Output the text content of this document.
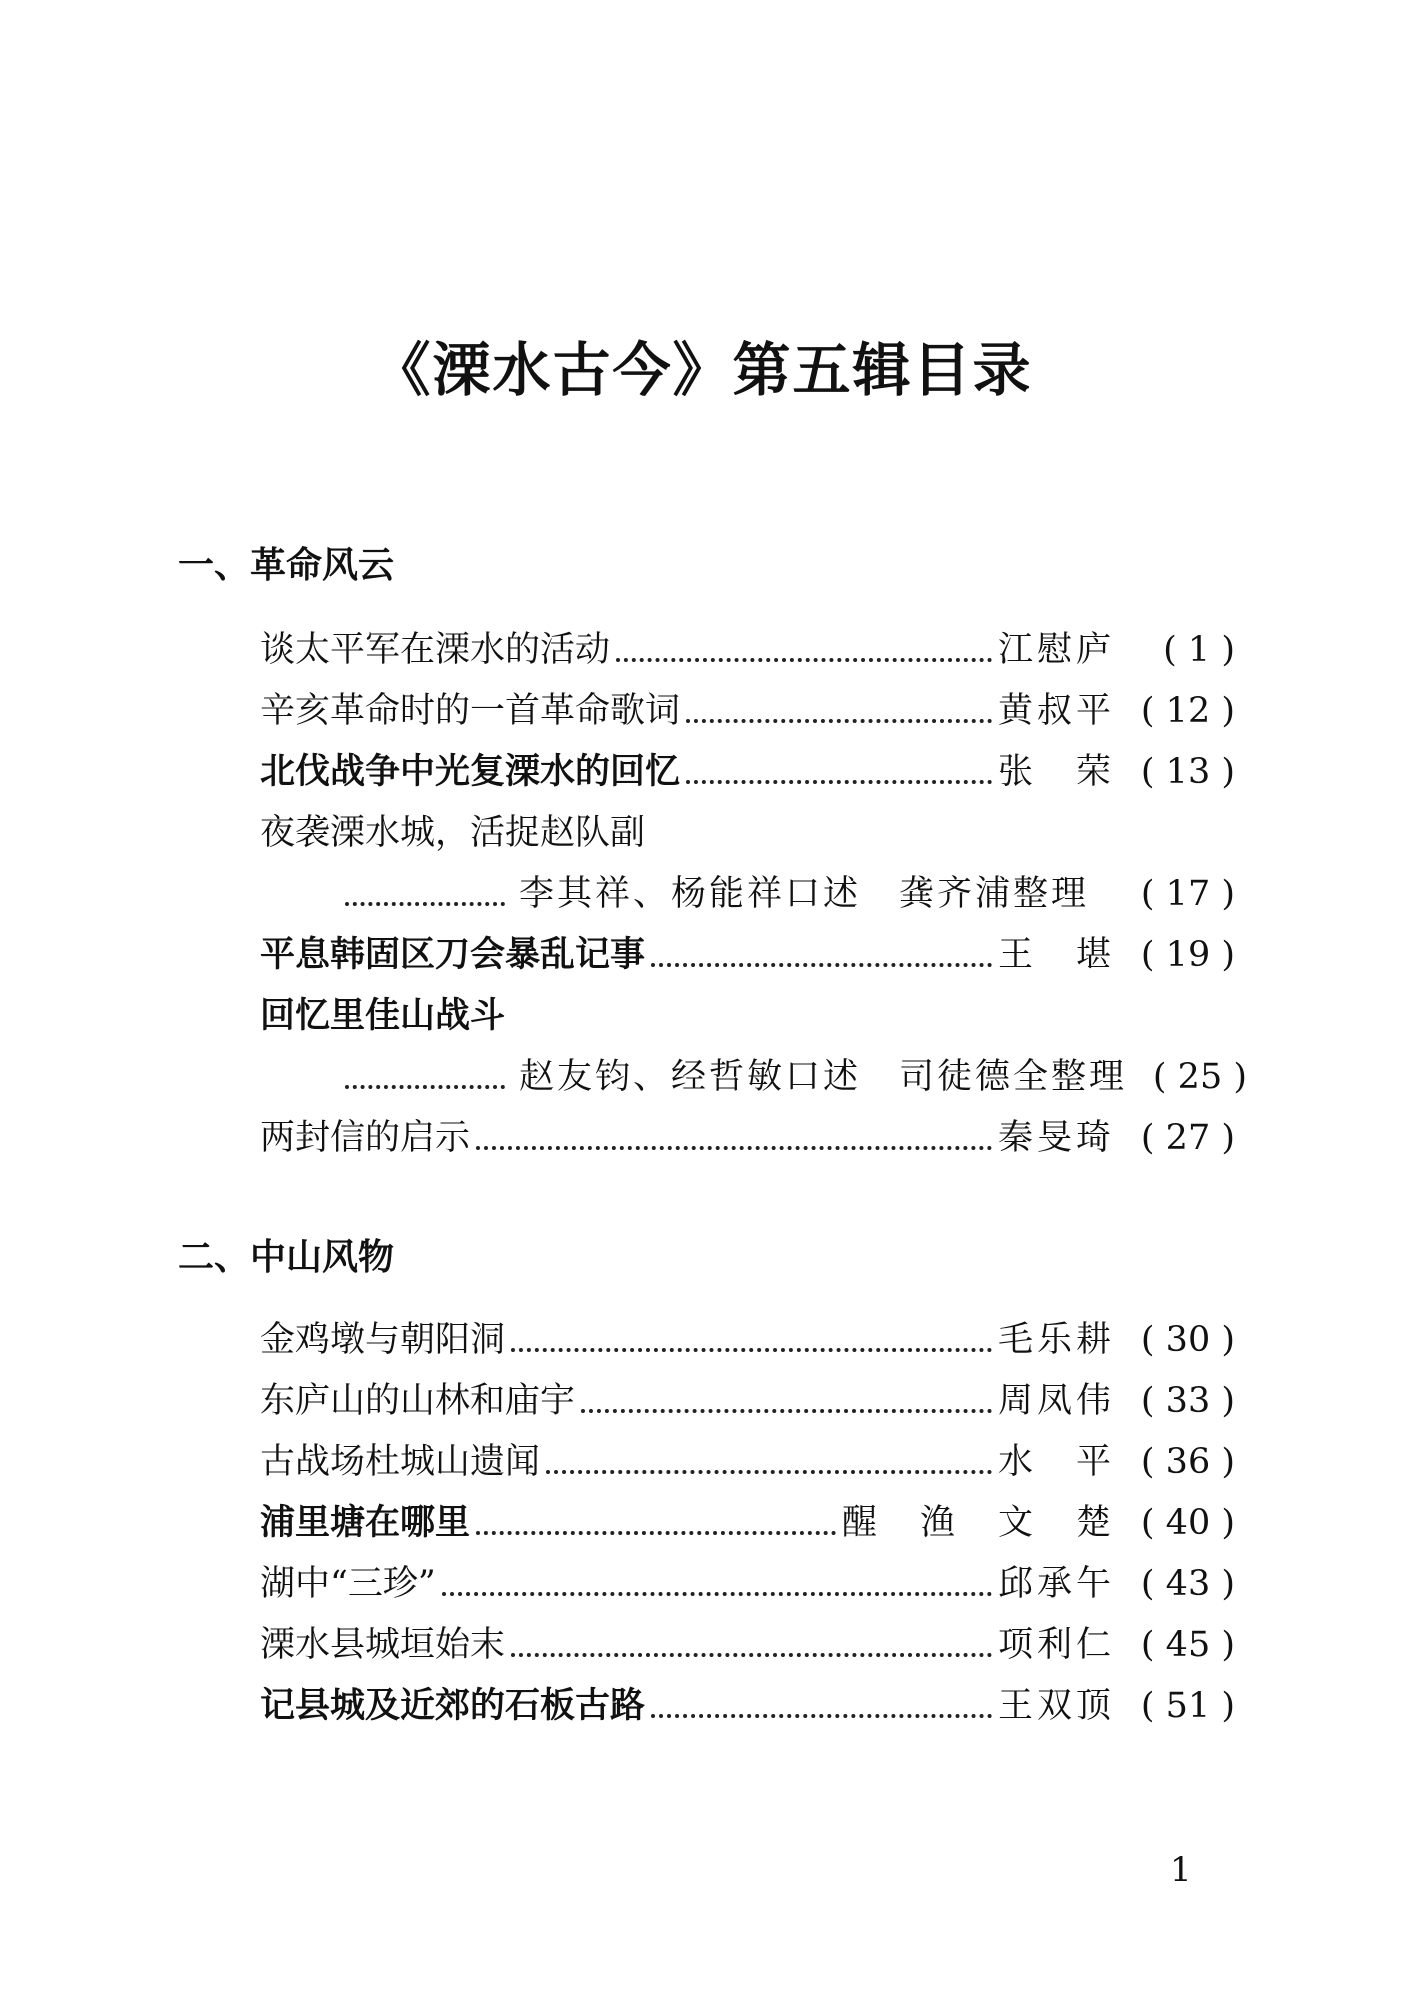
《溧水古今》第五辑目录
一、革命风云
谈太平军在溧水的活动	江慰庐	( 1 )
辛亥革命时的一首革命歌词	黄叔平 ( 12 )
北伐战争中光复溧水的回忆	张　荣 ( 13 )
夜袭溧水城，活捉赵队副
李其祥、杨能祥口述　龚齐浦整理	( 17 )
平息韩固区刀会暴乱记事	王　堪 ( 19 )
回忆里佳山战斗
赵友钧、经哲敏口述　司徒德全整理 ( 25 )
两封信的启示	秦旻琦 ( 27 )
二、中山风物
金鸡墩与朝阳洞	毛乐耕 ( 30 )
东庐山的山林和庙宇	周凤伟 ( 33 )
古战场杜城山遗闻	水　平 ( 36 )
浦里塘在哪里	醒　渔　文　楚 ( 40 )
湖中“三珍”	邱承午 ( 43 )
溧水县城垣始末	项利仁 ( 45 )
记县城及近郊的石板古路	王双顶 ( 51 )
1
